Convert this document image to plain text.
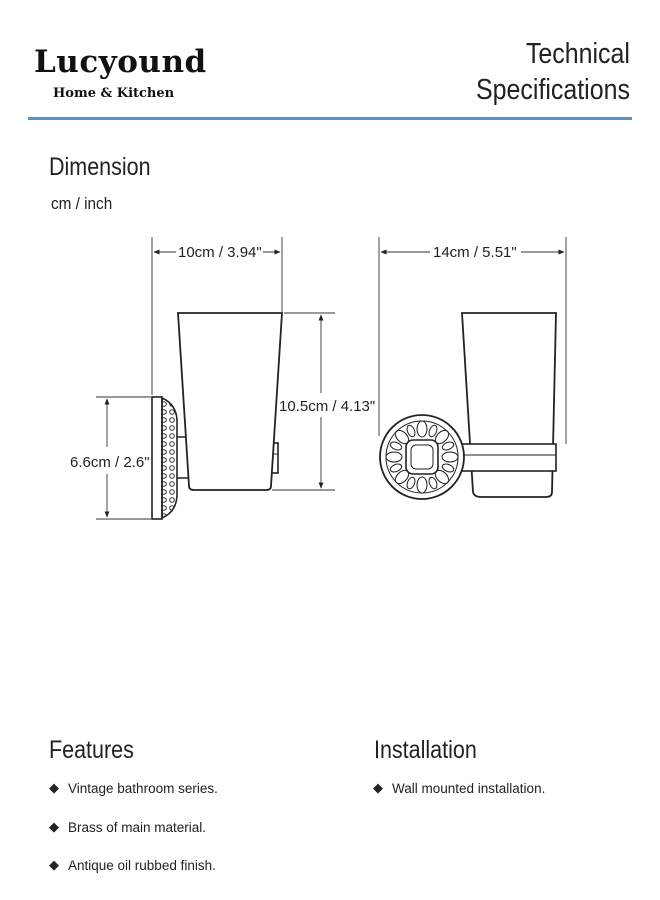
Lucyound
Home & Kitchen
Technical
Specifications
Dimension
cm / inch
10cm / 3.94"
10.5cm / 4.13"
6.6cm / 2.6"
14cm / 5.51"
Features
◆ Vintage bathroom series.
◆ Brass of main material.
◆ Antique oil rubbed finish.
Installation
◆ Wall mounted installation.
